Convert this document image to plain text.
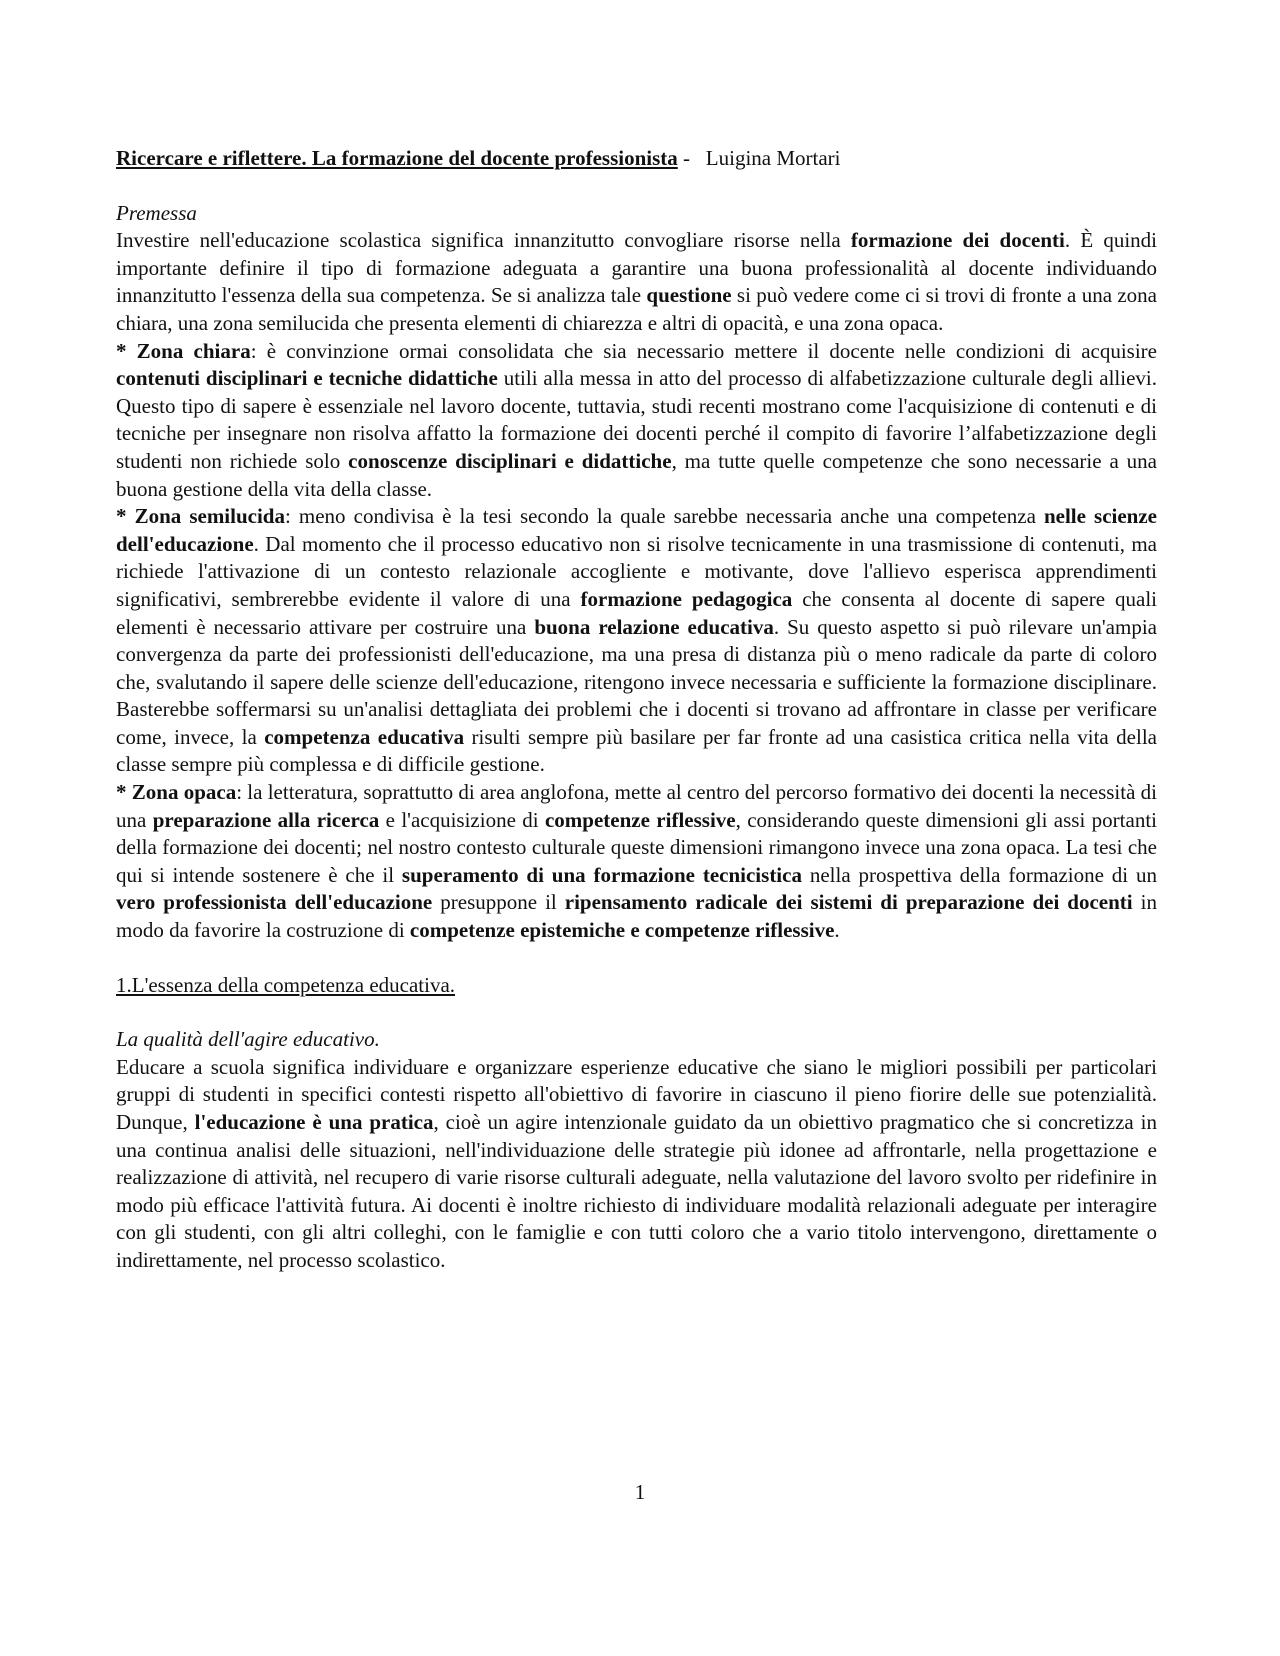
Ricercare e riflettere. La formazione del docente professionista - Luigina Mortari

Premessa

Investire nell'educazione scolastica significa innanzitutto convogliare risorse nella formazione dei docenti. È quindi importante definire il tipo di formazione adeguata a garantire una buona professionalità al docente individuando innanzitutto l'essenza della sua competenza. Se si analizza tale questione si può vedere come ci si trovi di fronte a una zona chiara, una zona semilucida che presenta elementi di chiarezza e altri di opacità, e una zona opaca.

* Zona chiara: è convinzione ormai consolidata che sia necessario mettere il docente nelle condizioni di acquisire contenuti disciplinari e tecniche didattiche utili alla messa in atto del processo di alfabetizzazione culturale degli allievi. Questo tipo di sapere è essenziale nel lavoro docente, tuttavia, studi recenti mostrano come l'acquisizione di contenuti e di tecniche per insegnare non risolva affatto la formazione dei docenti perché il compito di favorire l’alfabetizzazione degli studenti non richiede solo conoscenze disciplinari e didattiche, ma tutte quelle competenze che sono necessarie a una buona gestione della vita della classe.

* Zona semilucida: meno condivisa è la tesi secondo la quale sarebbe necessaria anche una competenza nelle scienze dell'educazione. Dal momento che il processo educativo non si risolve tecnicamente in una trasmissione di contenuti, ma richiede l'attivazione di un contesto relazionale accogliente e motivante, dove l'allievo esperisca apprendimenti significativi, sembrerebbe evidente il valore di una formazione pedagogica che consenta al docente di sapere quali elementi è necessario attivare per costruire una buona relazione educativa. Su questo aspetto si può rilevare un'ampia convergenza da parte dei professionisti dell'educazione, ma una presa di distanza più o meno radicale da parte di coloro che, svalutando il sapere delle scienze dell'educazione, ritengono invece necessaria e sufficiente la formazione disciplinare. Basterebbe soffermarsi su un'analisi dettagliata dei problemi che i docenti si trovano ad affrontare in classe per verificare come, invece, la competenza educativa risulti sempre più basilare per far fronte ad una casistica critica nella vita della classe sempre più complessa e di difficile gestione.

* Zona opaca: la letteratura, soprattutto di area anglofona, mette al centro del percorso formativo dei docenti la necessità di una preparazione alla ricerca e l'acquisizione di competenze riflessive, considerando queste dimensioni gli assi portanti della formazione dei docenti; nel nostro contesto culturale queste dimensioni rimangono invece una zona opaca. La tesi che qui si intende sostenere è che il superamento di una formazione tecnicistica nella prospettiva della formazione di un vero professionista dell'educazione presuppone il ripensamento radicale dei sistemi di preparazione dei docenti in modo da favorire la costruzione di competenze epistemiche e competenze riflessive.

1.L'essenza della competenza educativa.

La qualità dell'agire educativo.

Educare a scuola significa individuare e organizzare esperienze educative che siano le migliori possibili per particolari gruppi di studenti in specifici contesti rispetto all'obiettivo di favorire in ciascuno il pieno fiorire delle sue potenzialità. Dunque, l'educazione è una pratica, cioè un agire intenzionale guidato da un obiettivo pragmatico che si concretizza in una continua analisi delle situazioni, nell'individuazione delle strategie più idonee ad affrontarle, nella progettazione e realizzazione di attività, nel recupero di varie risorse culturali adeguate, nella valutazione del lavoro svolto per ridefinire in modo più efficace l'attività futura. Ai docenti è inoltre richiesto di individuare modalità relazionali adeguate per interagire con gli studenti, con gli altri colleghi, con le famiglie e con tutti coloro che a vario titolo intervengono, direttamente o indirettamente, nel processo scolastico.

1
